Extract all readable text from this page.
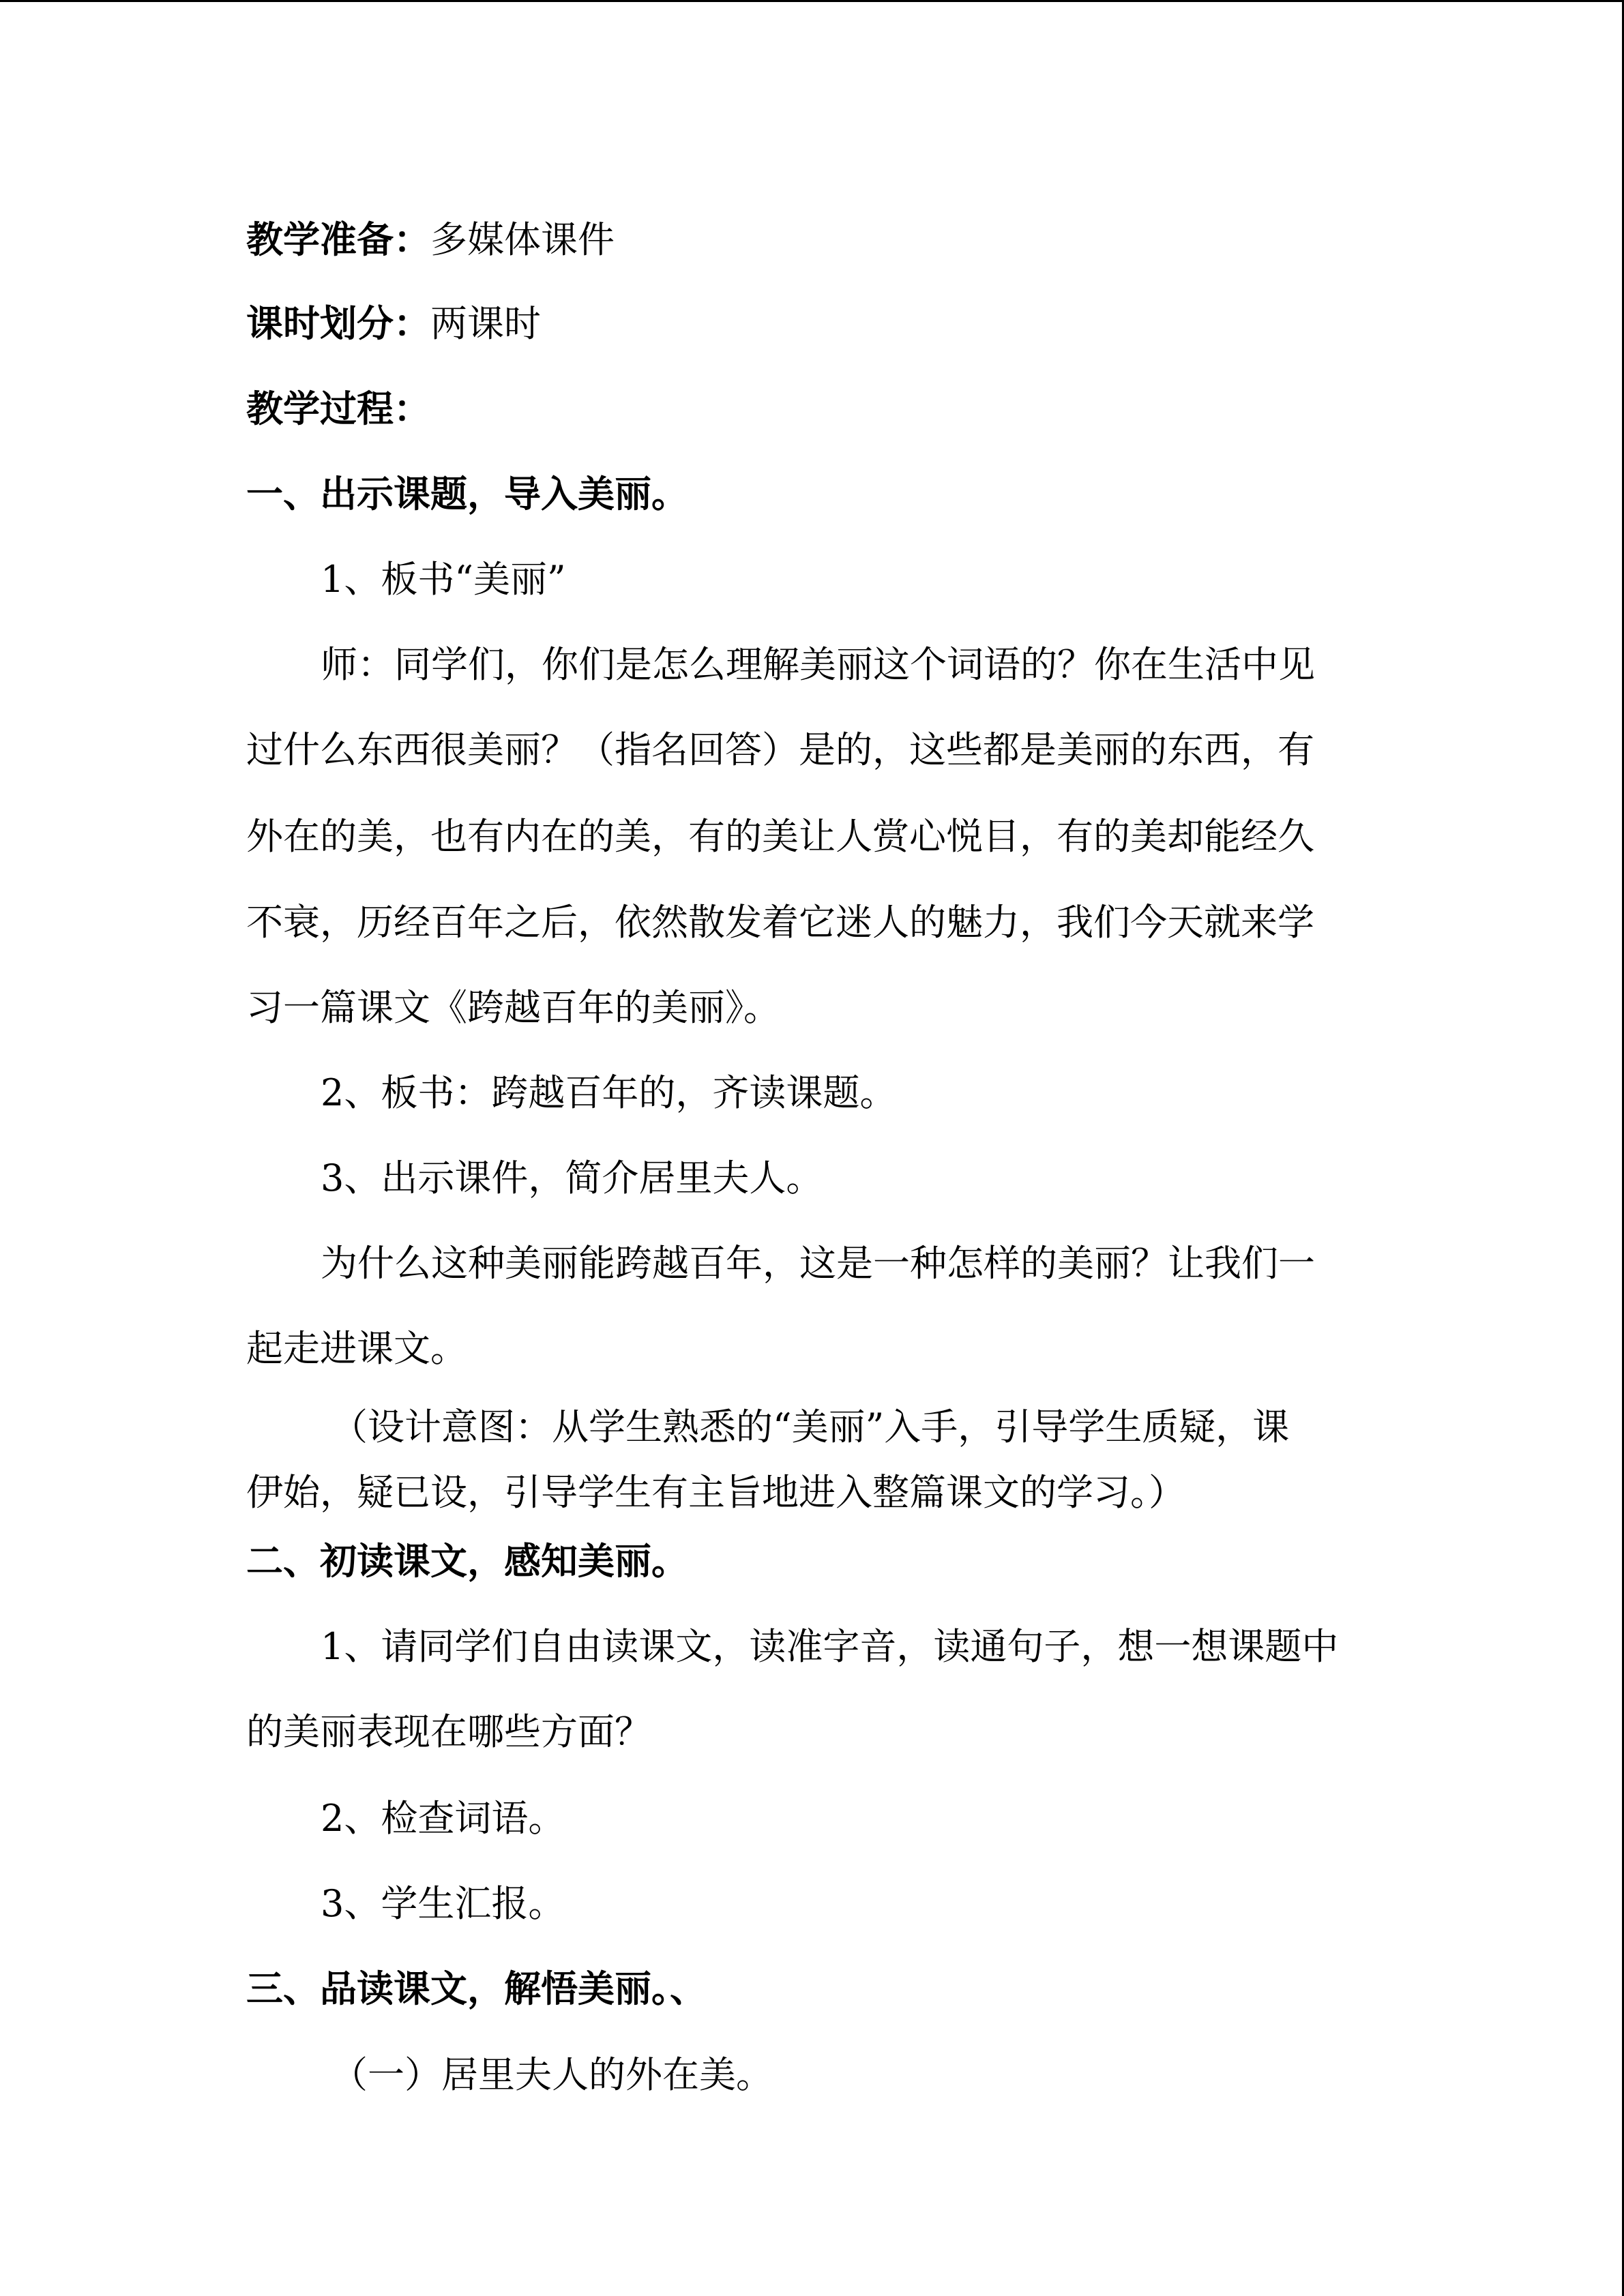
教学准备：多媒体课件
课时划分：两课时
教学过程：
一、出示课题，导入美丽。
1、板书“美丽”
师：同学们，你们是怎么理解美丽这个词语的？你在生活中见
过什么东西很美丽？（指名回答）是的，这些都是美丽的东西，有
外在的美，也有内在的美，有的美让人赏心悦目，有的美却能经久
不衰，历经百年之后，依然散发着它迷人的魅力，我们今天就来学
习一篇课文《跨越百年的美丽》。
2、板书：跨越百年的，齐读课题。
3、出示课件，简介居里夫人。
为什么这种美丽能跨越百年，这是一种怎样的美丽？让我们一
起走进课文。
（设计意图：从学生熟悉的“美丽”入手，引导学生质疑，课
伊始，疑已设，引导学生有主旨地进入整篇课文的学习。）
二、初读课文，感知美丽。
1、请同学们自由读课文，读准字音，读通句子，想一想课题中
的美丽表现在哪些方面？
2、检查词语。
3、学生汇报。
三、品读课文，解悟美丽。、
（一）居里夫人的外在美。
